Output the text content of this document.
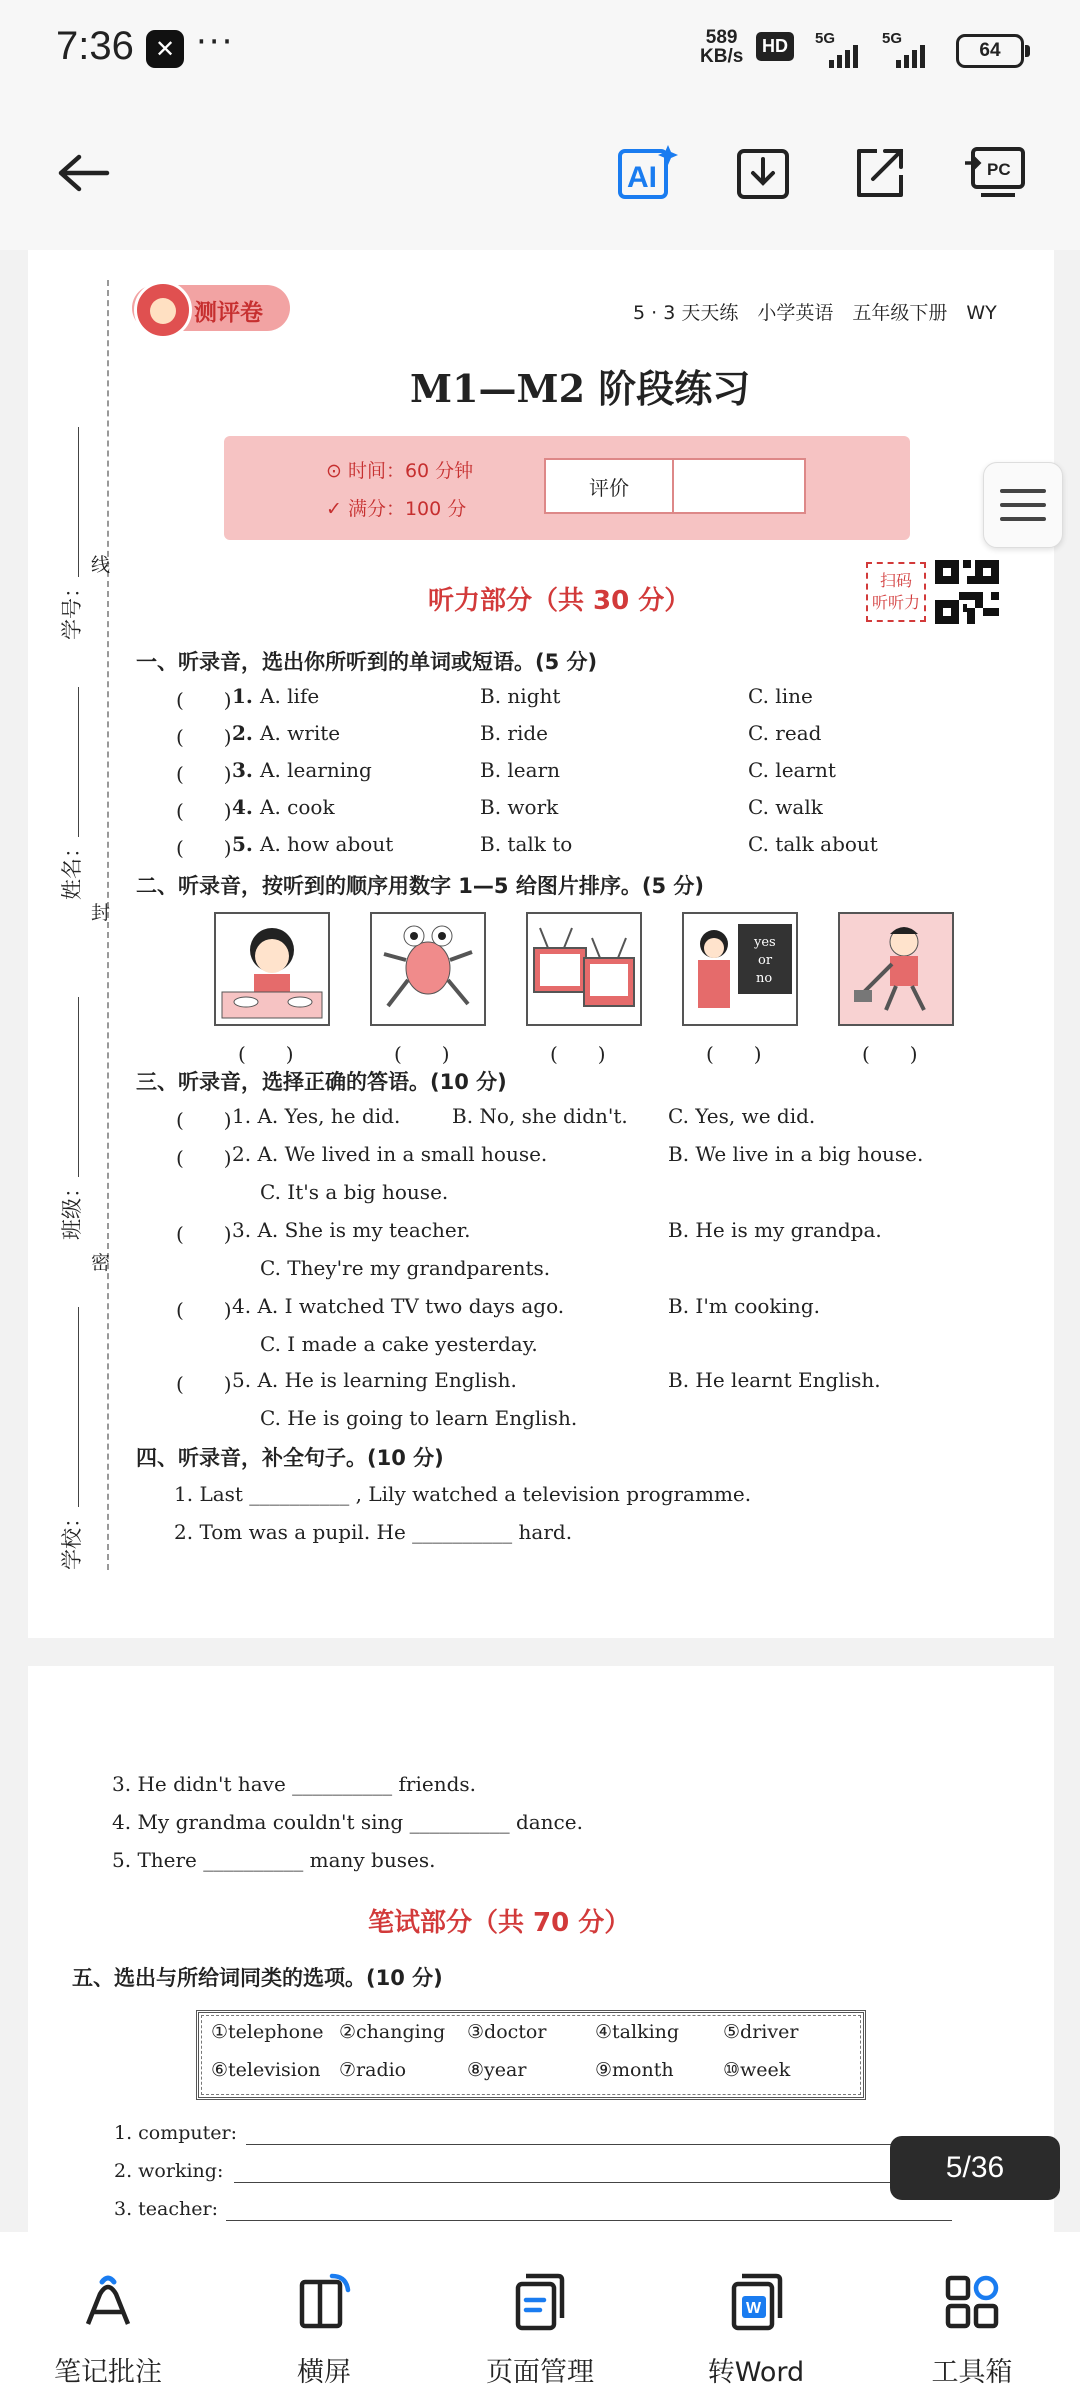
7:36 ✕ ···	589
KB/s	HD	5G	5G
64
AI	PC
线
封
密
学号：
姓名：
班级：
学校：
测评卷	5 · 3 天天练　小学英语　五年级下册　WY
M1—M2 阶段练习
⊙ 时间：60 分钟
✓ 满分：100 分
评价
听力部分（共 30 分）
扫码
听听力
一、听录音，选出你所听到的单词或短语。(5 分)
(　　) 1. A. life	B. night	C. line
(　　) 2. A. write	B. ride	C. read
(　　) 3. A. learning	B. learn	C. learnt
(　　) 4. A. cook	B. work	C. walk
(　　) 5. A. how about	B. talk to	C. talk about
二、听录音，按听到的顺序用数字 1—5 给图片排序。(5 分)
yes
or
no
(　　)	(　　)	(　　)	(　　)	(　　)
三、听录音，选择正确的答语。(10 分)
(　　) 1. A. Yes, he did.	B. No, she didn't. C. Yes, we did.
(　　) 2. A. We lived in a small house.	B. We live in a big house.
C. It's a big house.
(　　) 3. A. She is my teacher.	B. He is my grandpa.
C. They're my grandparents.
(　　) 4. A. I watched TV two days ago.	B. I'm cooking.
C. I made a cake yesterday.
(　　) 5. A. He is learning English.	B. He learnt English.
C. He is going to learn English.
四、听录音，补全句子。(10 分)
1. Last __________ , Lily watched a television programme.
2. Tom was a pupil. He __________ hard.
3. He didn't have __________ friends.
4. My grandma couldn't sing __________ dance.
5. There __________ many buses.
笔试部分（共 70 分）
五、选出与所给词同类的选项。(10 分)
①telephone ②changing ③doctor	④talking ⑤driver
⑥television ⑦radio	⑧year	⑨month	⑩week
1. computer:
2. working:
3. teacher:
5/36
笔记批注	横屏	页面管理
W
转Word	工具箱
